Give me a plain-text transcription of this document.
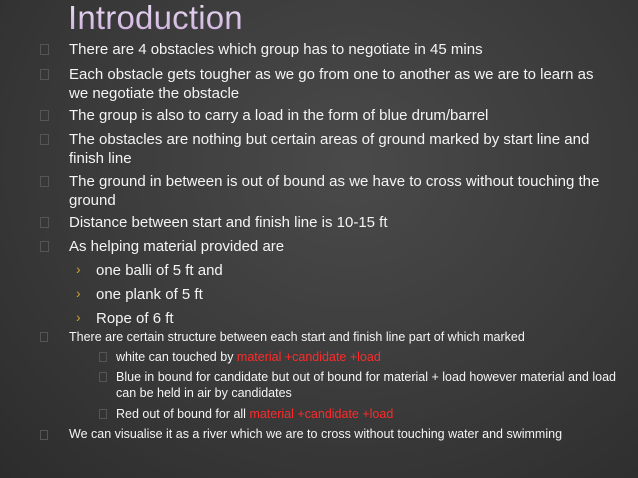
Introduction
There are 4 obstacles which group has to negotiate in 45 mins
Each obstacle gets tougher as we go from one to another as we are to learn as we negotiate the obstacle
The group is also to carry a load in the form of blue drum/barrel
The obstacles are nothing but certain areas of ground marked by start line and finish line
The ground in between is out of bound as we have to cross without touching the ground
Distance between start and finish line is 10-15 ft
As helping material provided are
› one balli of 5 ft and
› one plank of 5 ft
› Rope of 6 ft
There are certain structure between each start and finish line part of which marked
white can touched by material +candidate +load
Blue in bound for candidate but out of bound for material + load however material and load can be held in air by candidates
Red out of bound for all material +candidate +load
We can visualise it as a river which we are to cross without touching water and swimming
